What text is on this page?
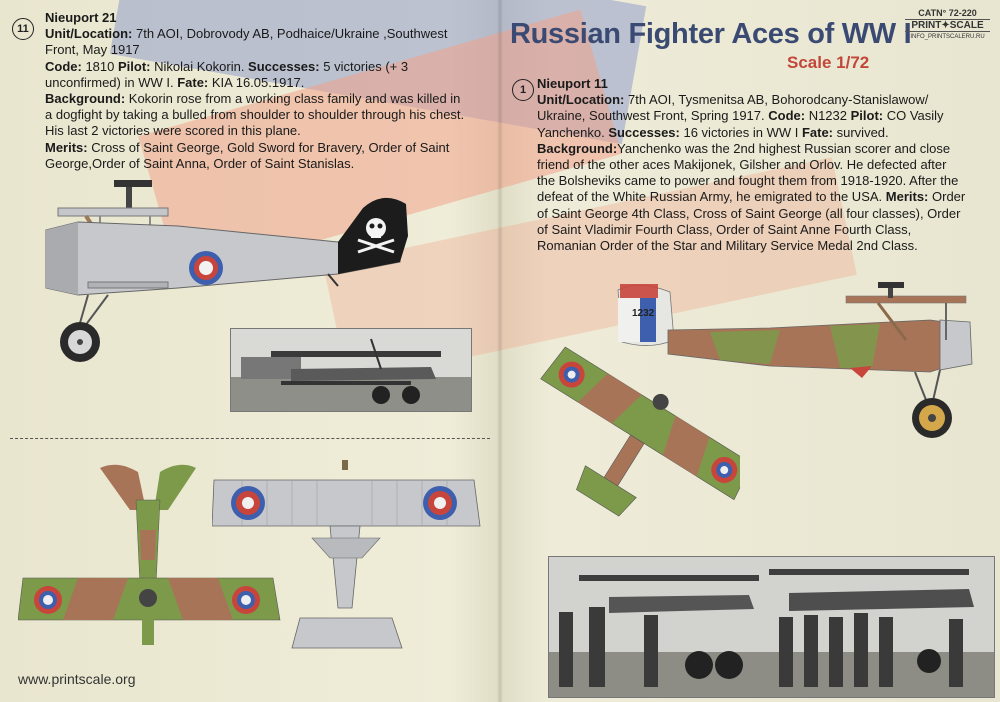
11
Nieuport 21
Unit/Location: 7th AOI, Dobrovody AB, Podhaice/Ukraine ,Southwest Front, May 1917
Code: 1810 Pilot: Nikolai Kokorin. Successes: 5 victories (+ 3 unconfirmed) in WW I. Fate: KIA 16.05.1917.
Background: Kokorin rose from a working class family and was killed in a dogfight by taking a bulled from shoulder to shoulder through his chest. His last 2 victories were scored in this plane.
Merits: Cross of Saint George, Gold Sword for Bravery, Order of Saint George,Order of Saint Anna, Order of Saint Stanislas.
www.printscale.org
Russian Fighter Aces of WW I
Scale 1/72
CATN° 72-220
PRINT✦SCALE
INFO_PRINTSCALERU.RU
1 Nieuport 11
Unit/Location: 7th AOI, Tysmenitsa AB, Bohorodcany-Stanislawow/ Ukraine, Southwest Front, Spring 1917. Code: N1232 Pilot: CO Vasily Yanchenko. Successes: 16 victories in WW I Fate: survived.
Background:Yanchenko was the 2nd highest Russian scorer and close friend of the other aces Makijonek, Gilsher and Orlov. He defected after the Bolsheviks came to power and fought them from 1918-1920. After the defeat of the White Russian Army, he emigrated to the USA. Merits: Order of Saint George 4th Class, Cross of Saint George (all four classes), Order of Saint Vladimir Fourth Class, Order of Saint Anne Fourth Class, Romanian Order of the Star and Military Service Medal 2nd Class.
1232
